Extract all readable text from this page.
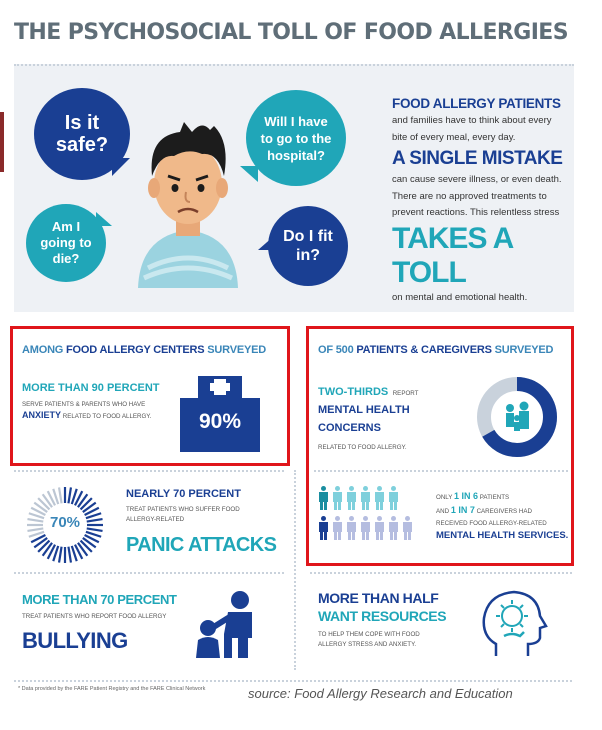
THE PSYCHOSOCIAL TOLL OF FOOD ALLERGIES
Is it safe?
Will I have to go to the hospital?
Am I going to die?
Do I fit in?
FOOD ALLERGY PATIENTS
and families have to think about every bite of every meal, every day.
A SINGLE MISTAKE
can cause severe illness, or even death. There are no approved treatments to prevent reactions. This relentless stress
TAKES A TOLL
on mental and emotional health.
AMONG FOOD ALLERGY CENTERS SURVEYED
MORE THAN 90 PERCENT
SERVE PATIENTS & PARENTS WHO HAVE
ANXIETY RELATED TO FOOD ALLERGY.	90%
70%
NEARLY 70 PERCENT
TREAT PATIENTS WHO SUFFER FOOD ALLERGY-RELATED
PANIC ATTACKS
MORE THAN 70 PERCENT
TREAT PATIENTS WHO REPORT FOOD ALLERGY
BULLYING
OF 500 PATIENTS & CAREGIVERS SURVEYED
TWO-THIRDS REPORT
MENTAL HEALTH CONCERNS
RELATED TO FOOD ALLERGY.
ONLY 1 IN 6 PATIENTS
AND 1 IN 7 CAREGIVERS HAD
RECEIVED FOOD ALLERGY-RELATED
MENTAL HEALTH SERVICES.
MORE THAN HALF
WANT RESOURCES
TO HELP THEM COPE WITH FOOD ALLERGY STRESS AND ANXIETY.
* Data provided by the FARE Patient Registry and the FARE Clinical Network	source: Food Allergy Research and Education
